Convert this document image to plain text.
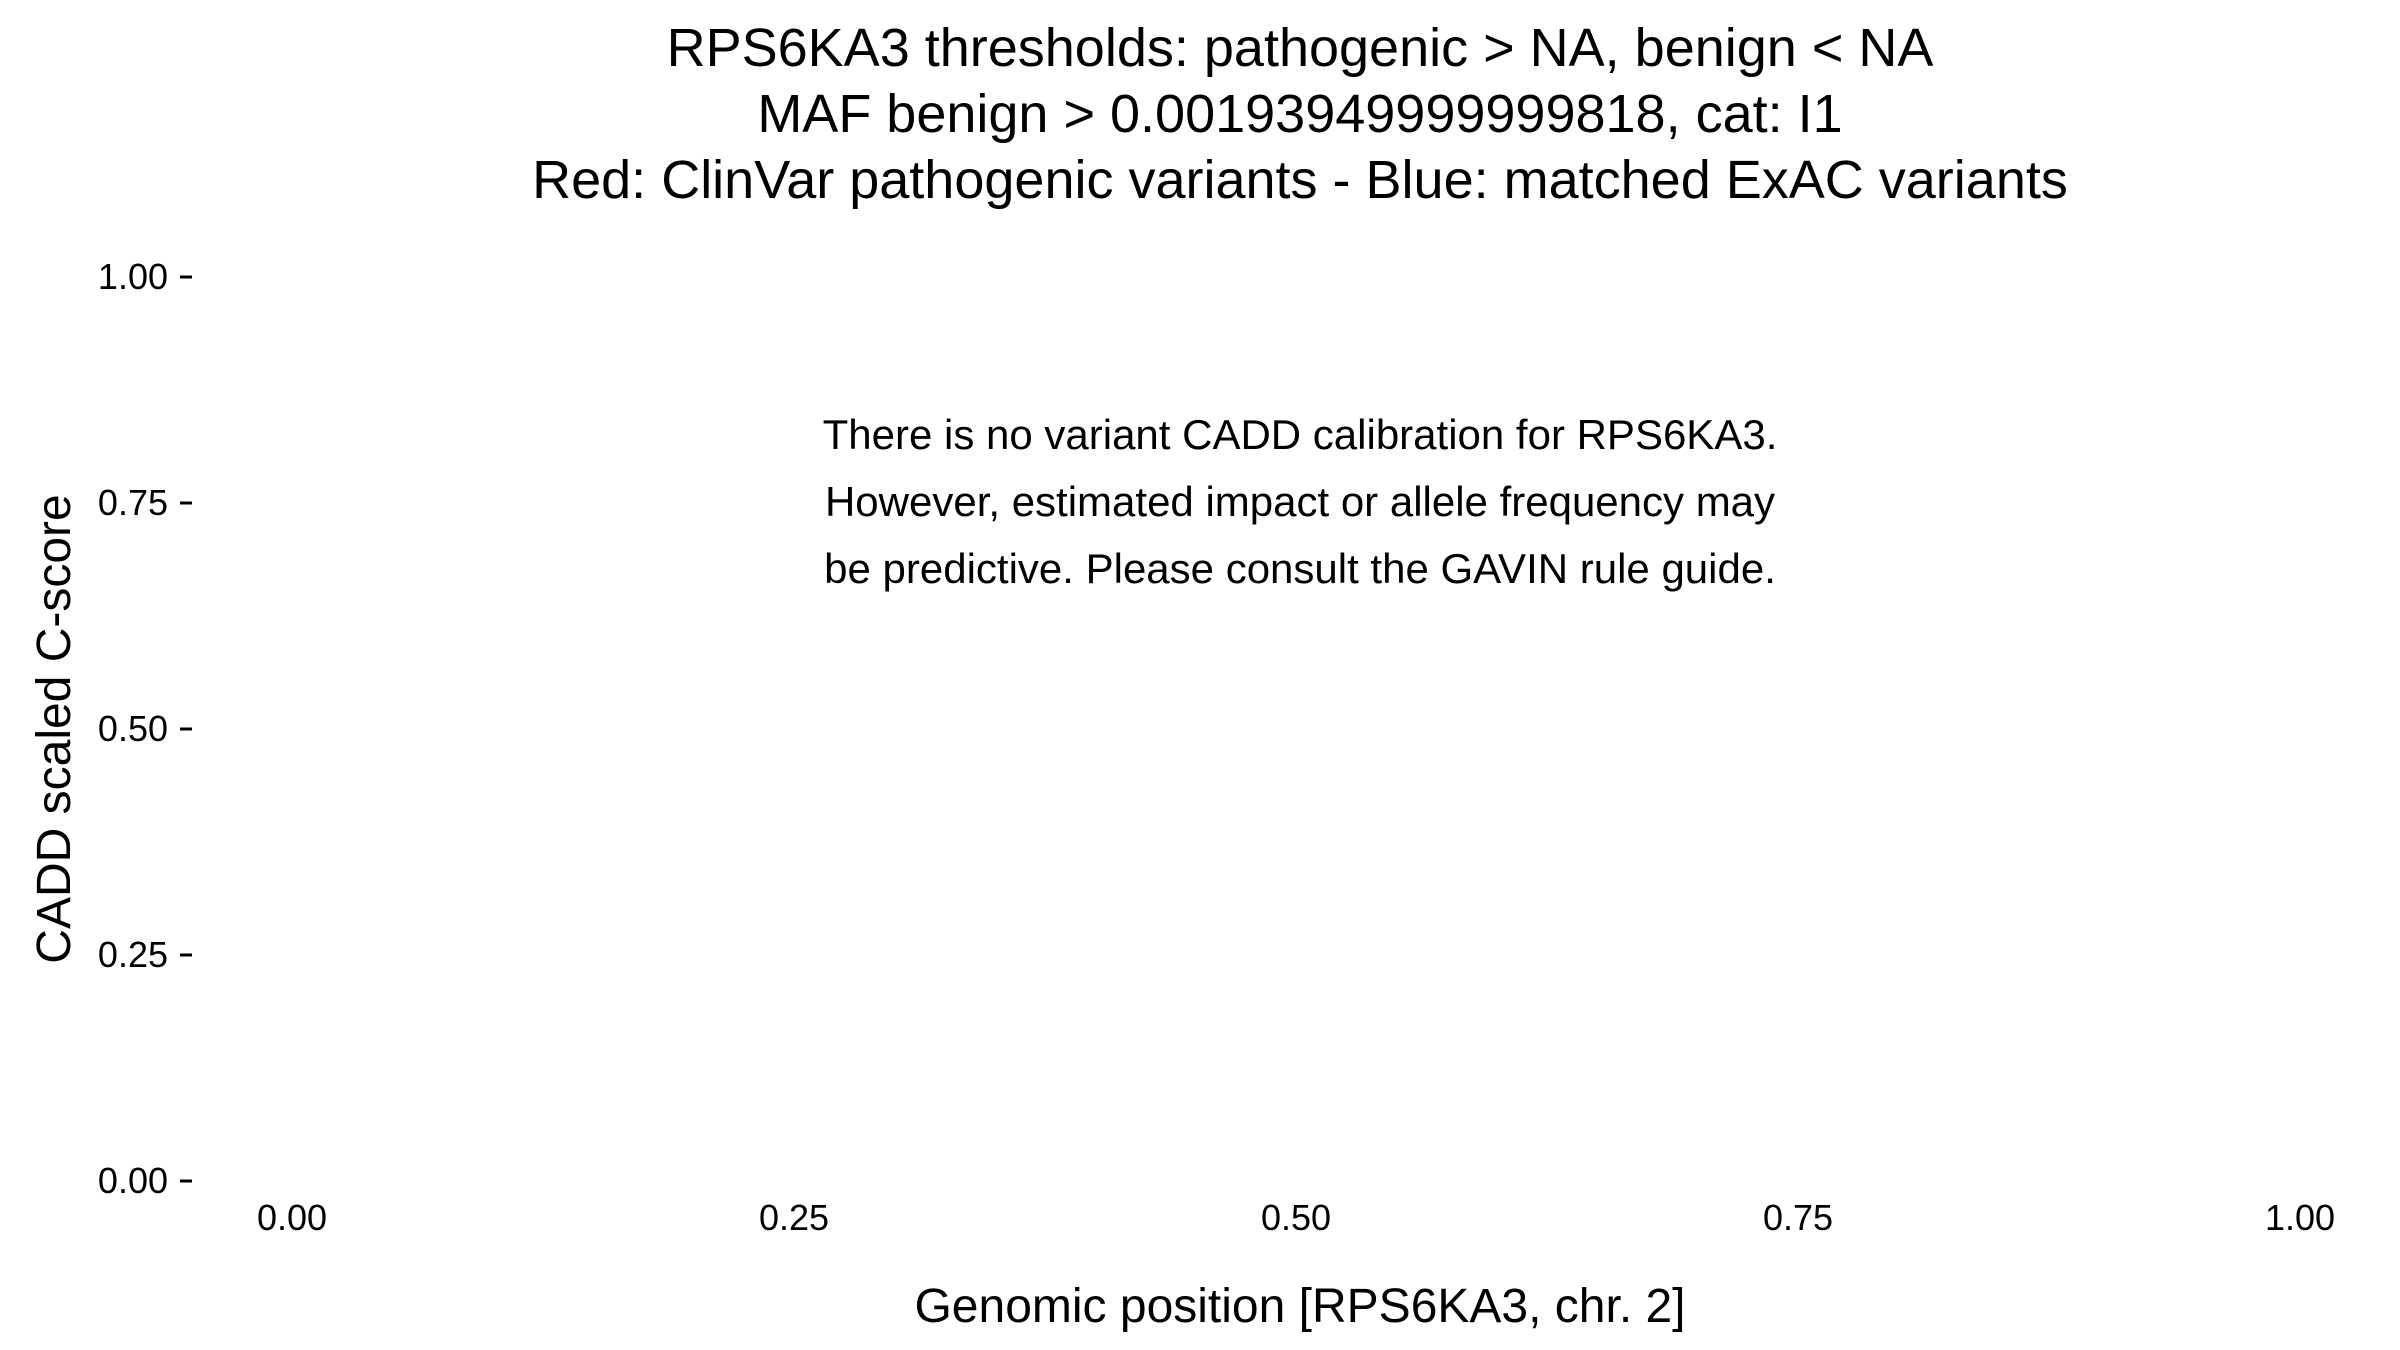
RPS6KA3 thresholds: pathogenic > NA, benign < NA
MAF benign > 0.00193949999999818, cat: I1
Red: ClinVar pathogenic variants - Blue: matched ExAC variants
0.00
0.25
0.50
0.75
1.00
0.00	0.25	0.50	0.75	1.00
CADD scaled C-score
Genomic position [RPS6KA3, chr. 2]
There is no variant CADD calibration for RPS6KA3.
However, estimated impact or allele frequency may
be predictive. Please consult the GAVIN rule guide.
